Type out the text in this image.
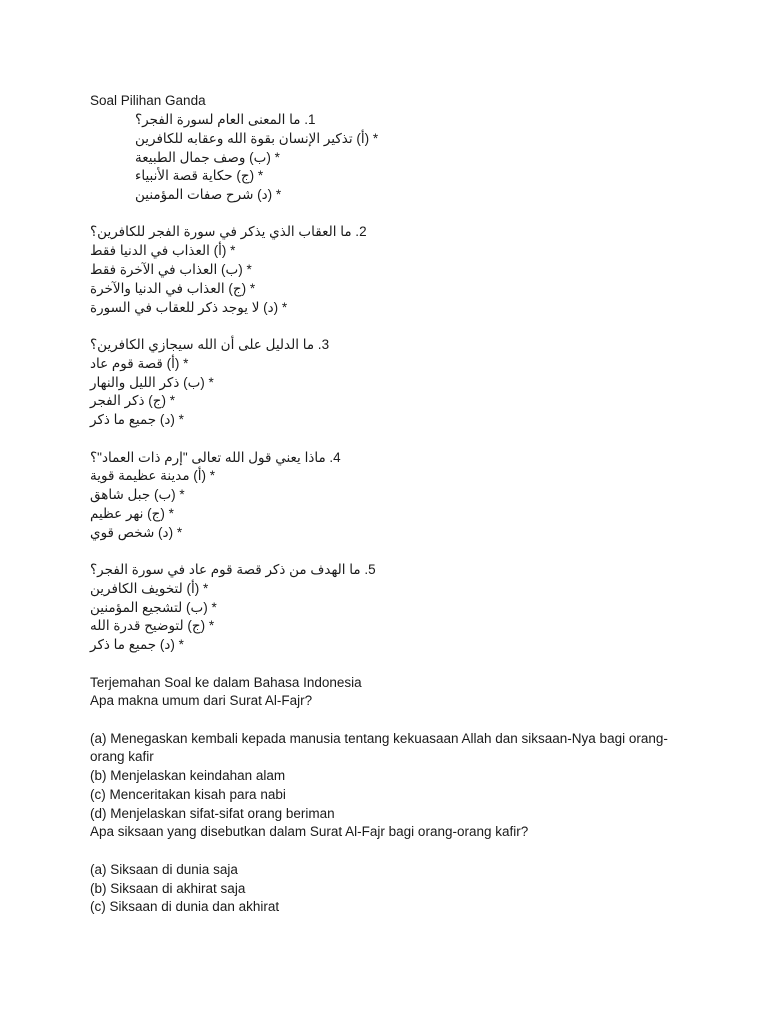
Soal Pilihan Ganda
1. ما المعنى العام لسورة الفجر؟
* (أ) تذكير الإنسان بقوة الله وعقابه للكافرين
* (ب) وصف جمال الطبيعة
* (ج) حكاية قصة الأنبياء
* (د) شرح صفات المؤمنين
2. ما العقاب الذي يذكر في سورة الفجر للكافرين؟
* (أ) العذاب في الدنيا فقط
* (ب) العذاب في الآخرة فقط
* (ج) العذاب في الدنيا والآخرة
* (د) لا يوجد ذكر للعقاب في السورة
3. ما الدليل على أن الله سيجازي الكافرين؟
* (أ) قصة قوم عاد
* (ب) ذكر الليل والنهار
* (ج) ذكر الفجر
* (د) جميع ما ذكر
4. ماذا يعني قول الله تعالى "إرم ذات العماد"؟
* (أ) مدينة عظيمة قوية
* (ب) جبل شاهق
* (ج) نهر عظيم
* (د) شخص قوي
5. ما الهدف من ذكر قصة قوم عاد في سورة الفجر؟
* (أ) لتخويف الكافرين
* (ب) لتشجيع المؤمنين
* (ج) لتوضيح قدرة الله
* (د) جميع ما ذكر
Terjemahan Soal ke dalam Bahasa Indonesia
Apa makna umum dari Surat Al-Fajr?
(a) Menegaskan kembali kepada manusia tentang kekuasaan Allah dan siksaan-Nya bagi orang-orang kafir
(b) Menjelaskan keindahan alam
(c) Menceritakan kisah para nabi
(d) Menjelaskan sifat-sifat orang beriman
Apa siksaan yang disebutkan dalam Surat Al-Fajr bagi orang-orang kafir?
(a) Siksaan di dunia saja
(b) Siksaan di akhirat saja
(c) Siksaan di dunia dan akhirat
